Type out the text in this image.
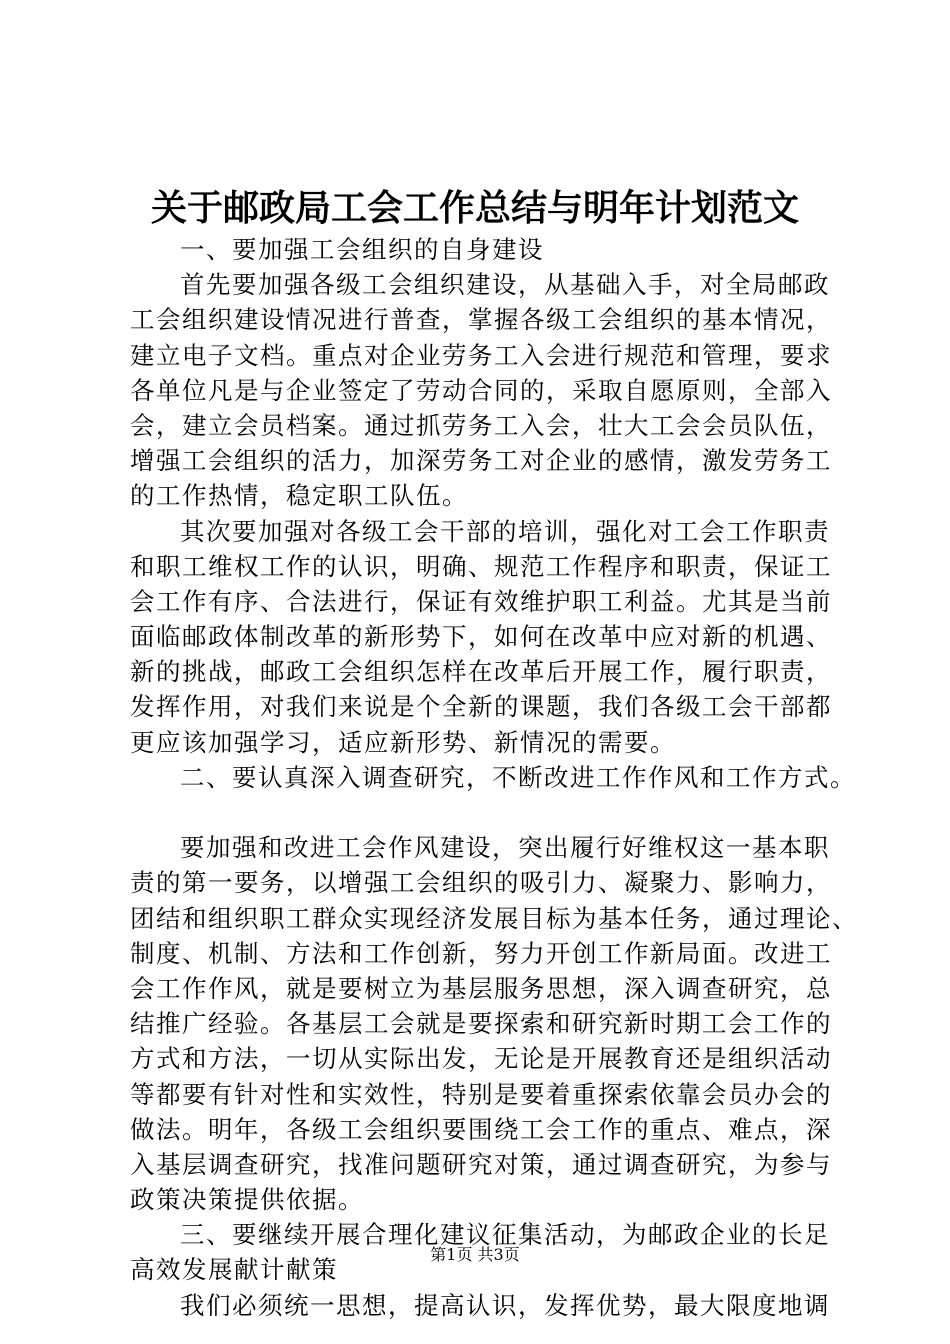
关于邮政局工会工作总结与明年计划范文
一、要加强工会组织的自身建设
首先要加强各级工会组织建设，从基础入手，对全局邮政
工会组织建设情况进行普查，掌握各级工会组织的基本情况，
建立电子文档。重点对企业劳务工入会进行规范和管理，要求
各单位凡是与企业签定了劳动合同的，采取自愿原则，全部入
会，建立会员档案。通过抓劳务工入会，壮大工会会员队伍，
增强工会组织的活力，加深劳务工对企业的感情，激发劳务工
的工作热情，稳定职工队伍。
其次要加强对各级工会干部的培训，强化对工会工作职责
和职工维权工作的认识，明确、规范工作程序和职责，保证工
会工作有序、合法进行，保证有效维护职工利益。尤其是当前
面临邮政体制改革的新形势下，如何在改革中应对新的机遇、
新的挑战，邮政工会组织怎样在改革后开展工作，履行职责，
发挥作用，对我们来说是个全新的课题，我们各级工会干部都
更应该加强学习，适应新形势、新情况的需要。
二、要认真深入调查研究，不断改进工作作风和工作方式。
要加强和改进工会作风建设，突出履行好维权这一基本职
责的第一要务，以增强工会组织的吸引力、凝聚力、影响力，
团结和组织职工群众实现经济发展目标为基本任务，通过理论、
制度、机制、方法和工作创新，努力开创工作新局面。改进工
会工作作风，就是要树立为基层服务思想，深入调查研究，总
结推广经验。各基层工会就是要探索和研究新时期工会工作的
方式和方法，一切从实际出发，无论是开展教育还是组织活动
等都要有针对性和实效性，特别是要着重探索依靠会员办会的
做法。明年，各级工会组织要围绕工会工作的重点、难点，深
入基层调查研究，找准问题研究对策，通过调查研究，为参与
政策决策提供依据。
三、要继续开展合理化建议征集活动，为邮政企业的长足
高效发展献计献策
我们必须统一思想，提高认识，发挥优势，最大限度地调
第1页 共3页
